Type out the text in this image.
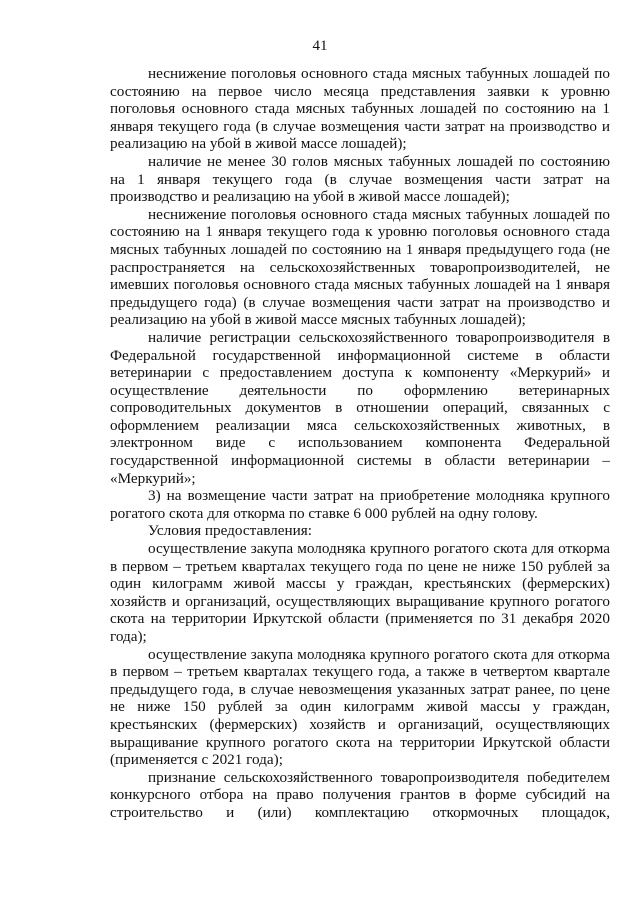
41

неснижение поголовья основного стада мясных табунных лошадей по состоянию на первое число месяца представления заявки к уровню поголовья основного стада мясных табунных лошадей по состоянию на 1 января текущего года (в случае возмещения части затрат на производство и реализацию на убой в живой массе лошадей);

наличие не менее 30 голов мясных табунных лошадей по состоянию на 1 января текущего года (в случае возмещения части затрат на производство и реализацию на убой в живой массе лошадей);

неснижение поголовья основного стада мясных табунных лошадей по состоянию на 1 января текущего года к уровню поголовья основного стада мясных табунных лошадей по состоянию на 1 января предыдущего года (не распространяется на сельскохозяйственных товаропроизводителей, не имевших поголовья основного стада мясных табунных лошадей на 1 января предыдущего года) (в случае возмещения части затрат на производство и реализацию на убой в живой массе мясных табунных лошадей);

наличие регистрации сельскохозяйственного товаропроизводителя в Федеральной государственной информационной системе в области ветеринарии с предоставлением доступа к компоненту «Меркурий» и осуществление деятельности по оформлению ветеринарных сопроводительных документов в отношении операций, связанных с оформлением реализации мяса сельскохозяйственных животных, в электронном виде с использованием компонента Федеральной государственной информационной системы в области ветеринарии – «Меркурий»;

3) на возмещение части затрат на приобретение молодняка крупного рогатого скота для откорма по ставке 6 000 рублей на одну голову.

Условия предоставления:

осуществление закупа молодняка крупного рогатого скота для откорма в первом – третьем кварталах текущего года по цене не ниже 150 рублей за один килограмм живой массы у граждан, крестьянских (фермерских) хозяйств и организаций, осуществляющих выращивание крупного рогатого скота на территории Иркутской области (применяется по 31 декабря 2020 года);

осуществление закупа молодняка крупного рогатого скота для откорма в первом – третьем кварталах текущего года, а также в четвертом квартале предыдущего года, в случае невозмещения указанных затрат ранее, по цене не ниже 150 рублей за один килограмм живой массы у граждан, крестьянских (фермерских) хозяйств и организаций, осуществляющих выращивание крупного рогатого скота на территории Иркутской области (применяется с 2021 года);

признание сельскохозяйственного товаропроизводителя победителем конкурсного отбора на право получения грантов в форме субсидий на строительство и (или) комплектацию откормочных площадок,
